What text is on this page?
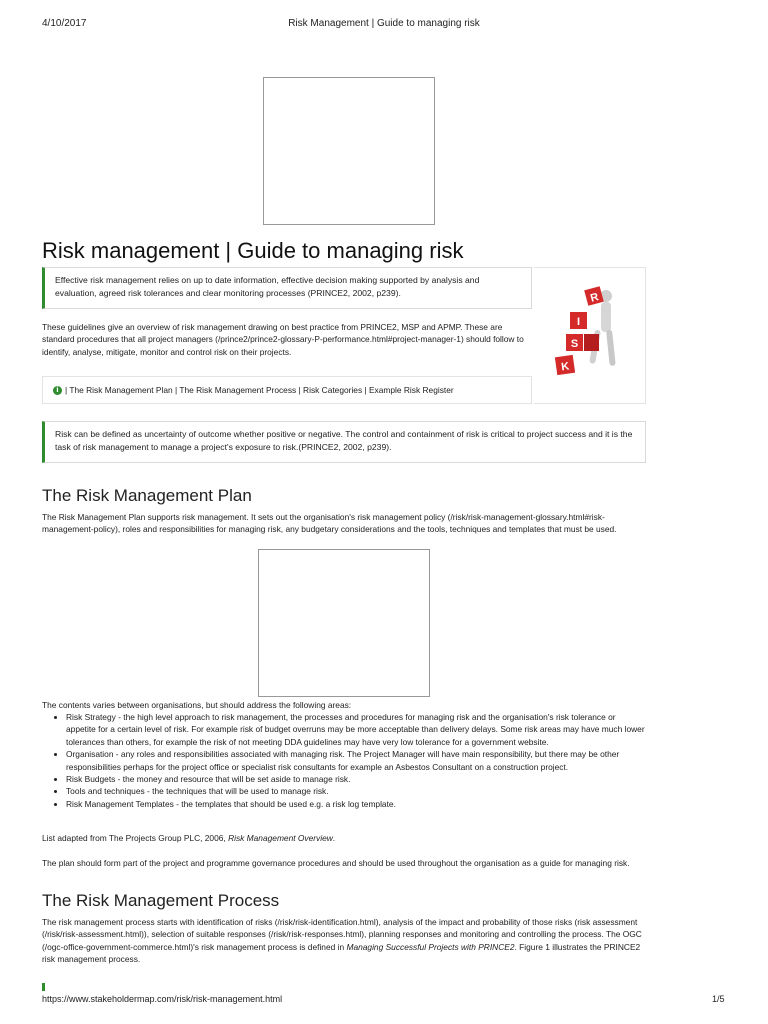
4/10/2017	Risk Management | Guide to managing risk
Risk management | Guide to managing risk
Effective risk management relies on up to date information, effective decision making supported by analysis and evaluation, agreed risk tolerances and clear monitoring processes (PRINCE2, 2002, p239).
These guidelines give an overview of risk management drawing on best practice from PRINCE2, MSP and APMP. These are standard procedures that all project managers (/prince2/prince2-glossary-P-performance.html#project-manager-1) should follow to identify, analyse, mitigate, monitor and control risk on their projects.
i | The Risk Management Plan | The Risk Management Process | Risk Categories | Example Risk Register
R
I
S
K
Risk can be defined as uncertainty of outcome whether positive or negative. The control and containment of risk is critical to project success and it is the task of risk management to manage a project's exposure to risk.(PRINCE2, 2002, p239).
The Risk Management Plan
The Risk Management Plan supports risk management. It sets out the organisation's risk management policy (/risk/risk-management-glossary.html#risk-management-policy), roles and responsibilities for managing risk, any budgetary considerations and the tools, techniques and templates that must be used.
The contents varies between organisations, but should address the following areas:
• Risk Strategy - the high level approach to risk management, the processes and procedures for managing risk and the organisation's risk tolerance or appetite for a certain level of risk. For example risk of budget overruns may be more acceptable than delivery delays. Some risk areas may have much lower tolerances than others, for example the risk of not meeting DDA guidelines may have very low tolerance for a government website.
• Organisation - any roles and responsibilities associated with managing risk. The Project Manager will have main responsibility, but there may be other responsibilities perhaps for the project office or specialist risk consultants for example an Asbestos Consultant on a construction project.
• Risk Budgets - the money and resource that will be set aside to manage risk.
• Tools and techniques - the techniques that will be used to manage risk.
• Risk Management Templates - the templates that should be used e.g. a risk log template.
List adapted from The Projects Group PLC, 2006, Risk Management Overview.
The plan should form part of the project and programme governance procedures and should be used throughout the organisation as a guide for managing risk.
The Risk Management Process
The risk management process starts with identification of risks (/risk/risk-identification.html), analysis of the impact and probability of those risks (risk assessment (/risk/risk-assessment.html)), selection of suitable responses (/risk/risk-responses.html), planning responses and monitoring and controlling the process. The OGC (/ogc-office-government-commerce.html)'s risk management process is defined in Managing Successful Projects with PRINCE2. Figure 1 illustrates the PRINCE2 risk management process.
https://www.stakeholdermap.com/risk/risk-management.html	1/5
